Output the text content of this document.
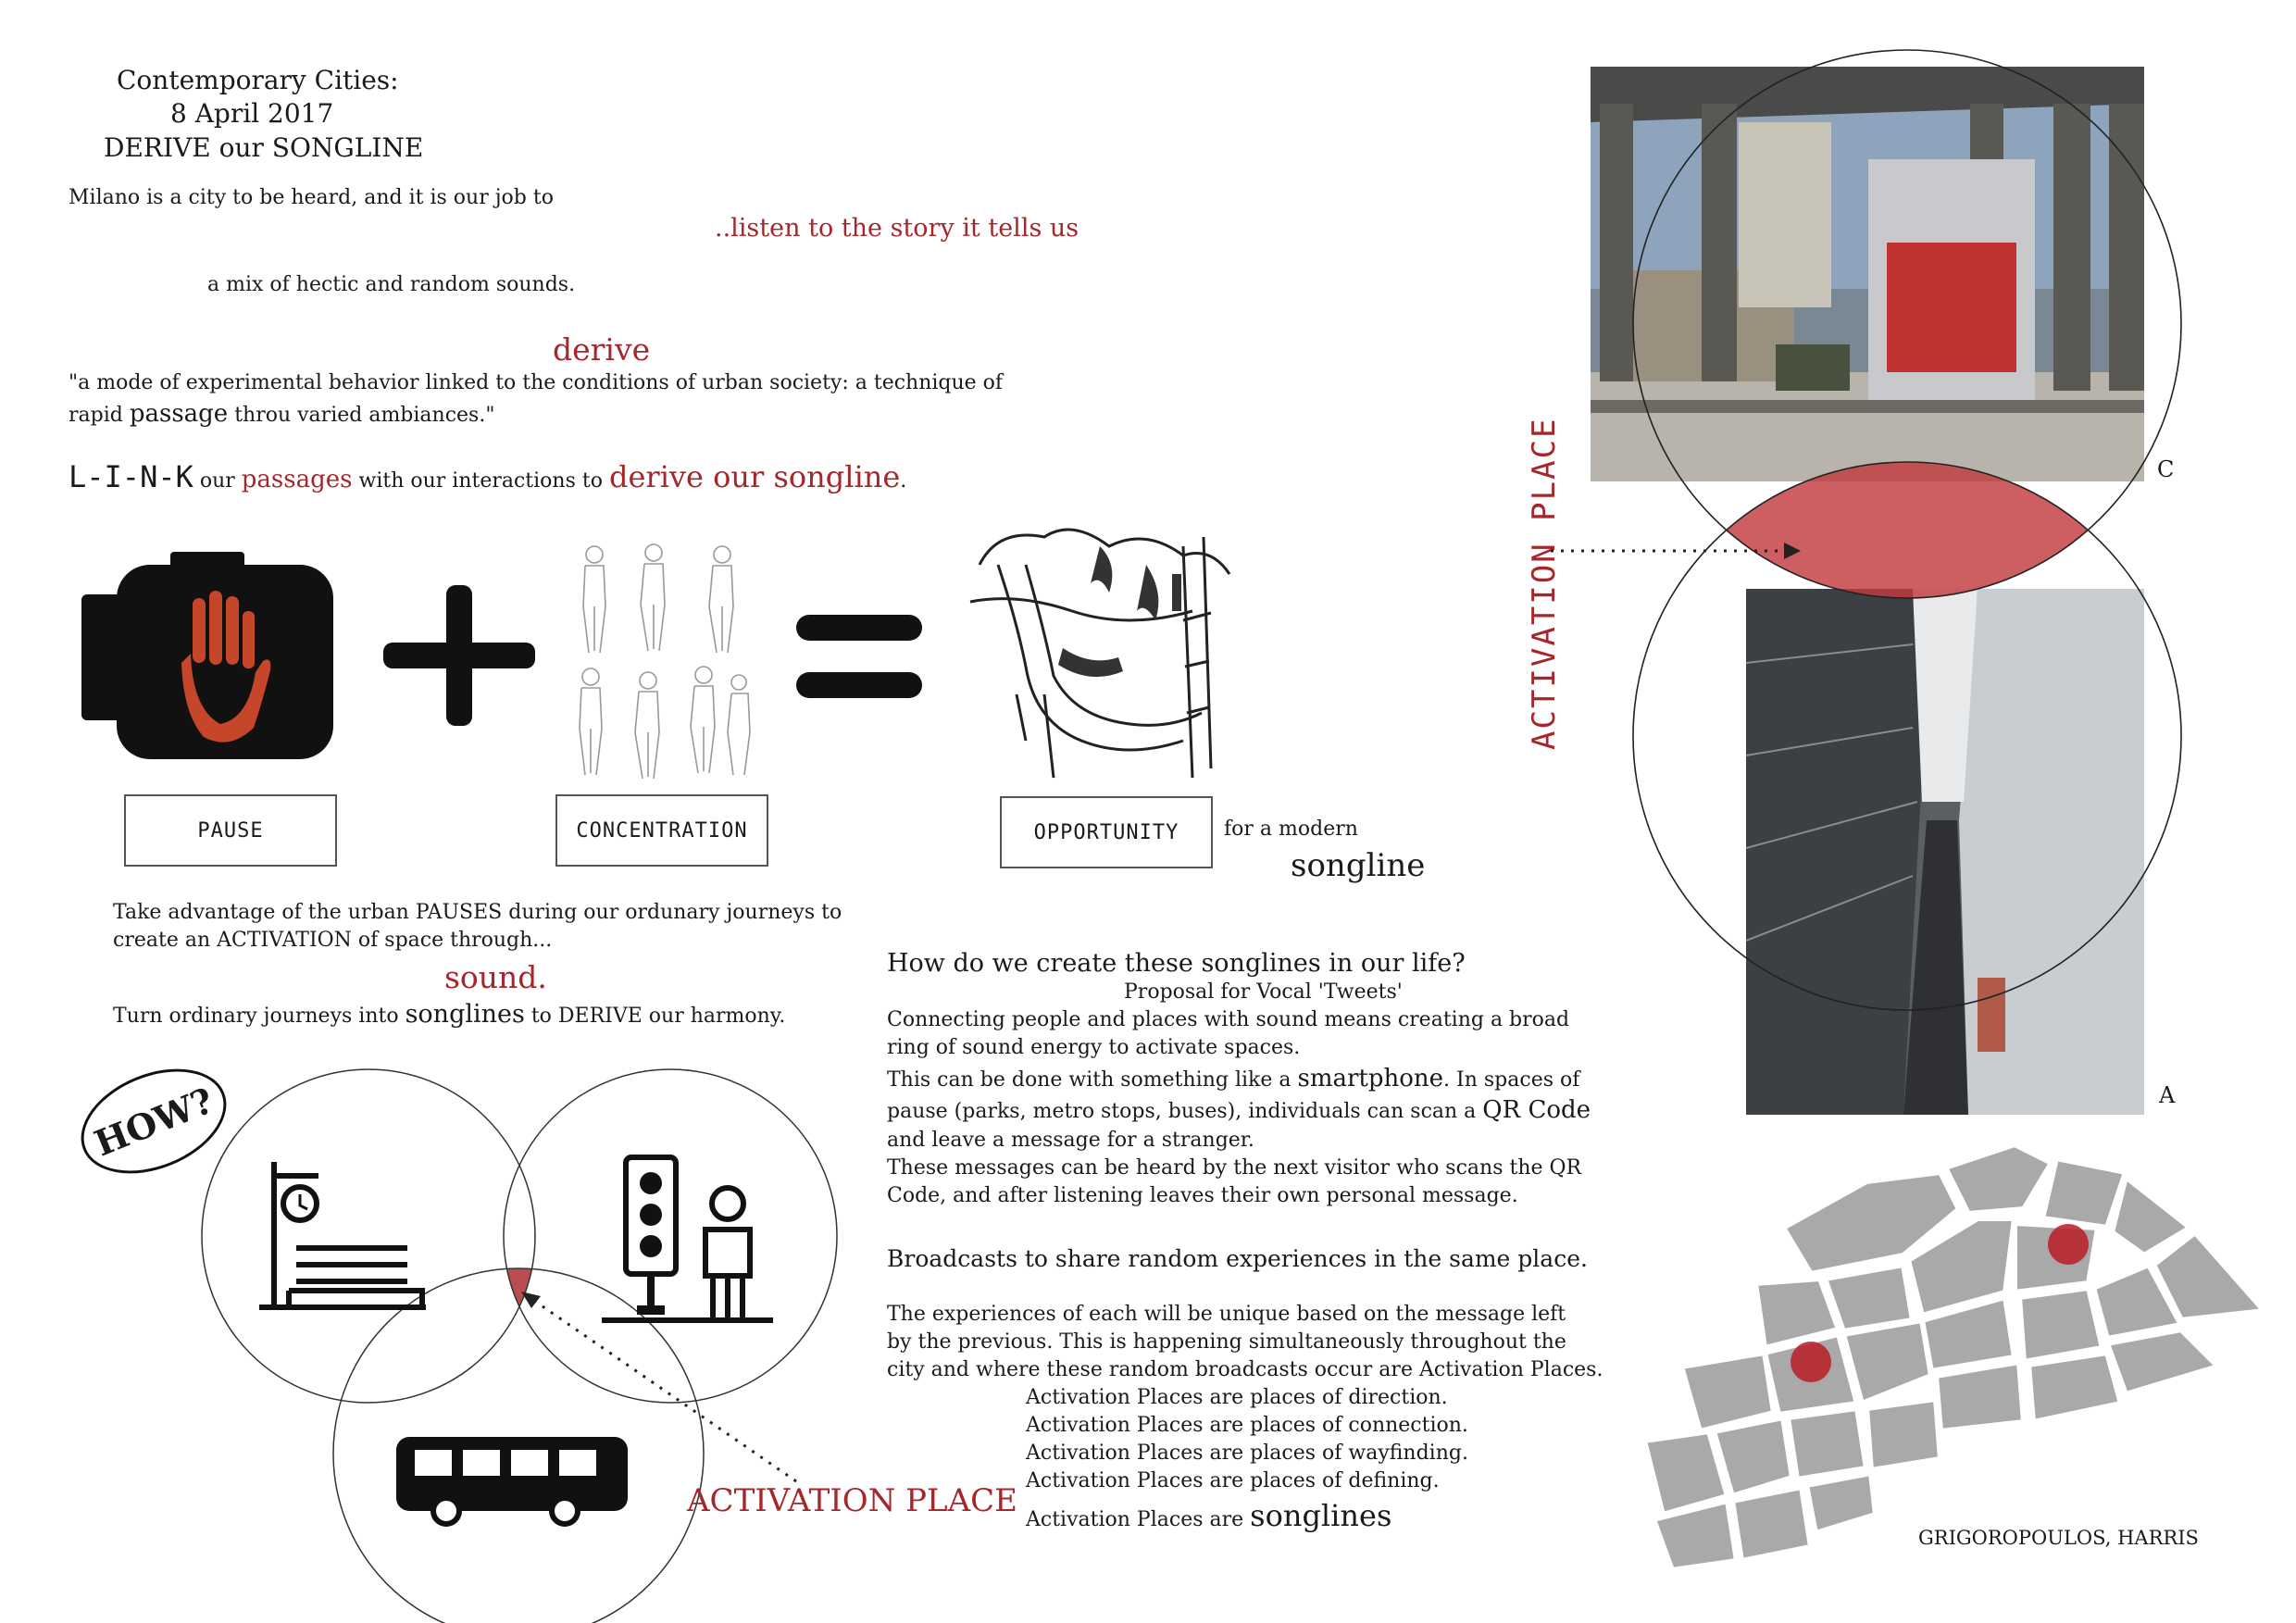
Contemporary Cities:
8 April 2017
DERIVE our SONGLINE
Milano is a city to be heard, and it is our job to
..listen to the story it tells us
a mix of hectic and random sounds.
derive
"a mode of experimental behavior linked to the conditions of urban society: a technique of
rapid passage throu varied ambiances."
L-I-N-K our passages with our interactions to derive our songline.
PAUSE	CONCENTRATION	OPPORTUNITY for a modern
songline
Take advantage of the urban PAUSES during our ordunary journeys to
create an ACTIVATION of space through...
sound.
Turn ordinary journeys into songlines to DERIVE our harmony.
HOW?
ACTIVATION PLACE
How do we create these songlines in our life?
Proposal for Vocal 'Tweets'
Connecting people and places with sound means creating a broad
ring of sound energy to activate spaces.
This can be done with something like a smartphone. In spaces of
pause (parks, metro stops, buses), individuals can scan a QR Code
and leave a message for a stranger.
These messages can be heard by the next visitor who scans the QR
Code, and after listening leaves their own personal message.
Broadcasts to share random experiences in the same place.
The experiences of each will be unique based on the message left
by the previous. This is happening simultaneously throughout the
city and where these random broadcasts occur are Activation Places.
Activation Places are places of direction.
Activation Places are places of connection.
Activation Places are places of wayfinding.
Activation Places are places of defining.
Activation Places are songlines
ACTIVATION PLACE	C
A
GRIGOROPOULOS, HARRIS
